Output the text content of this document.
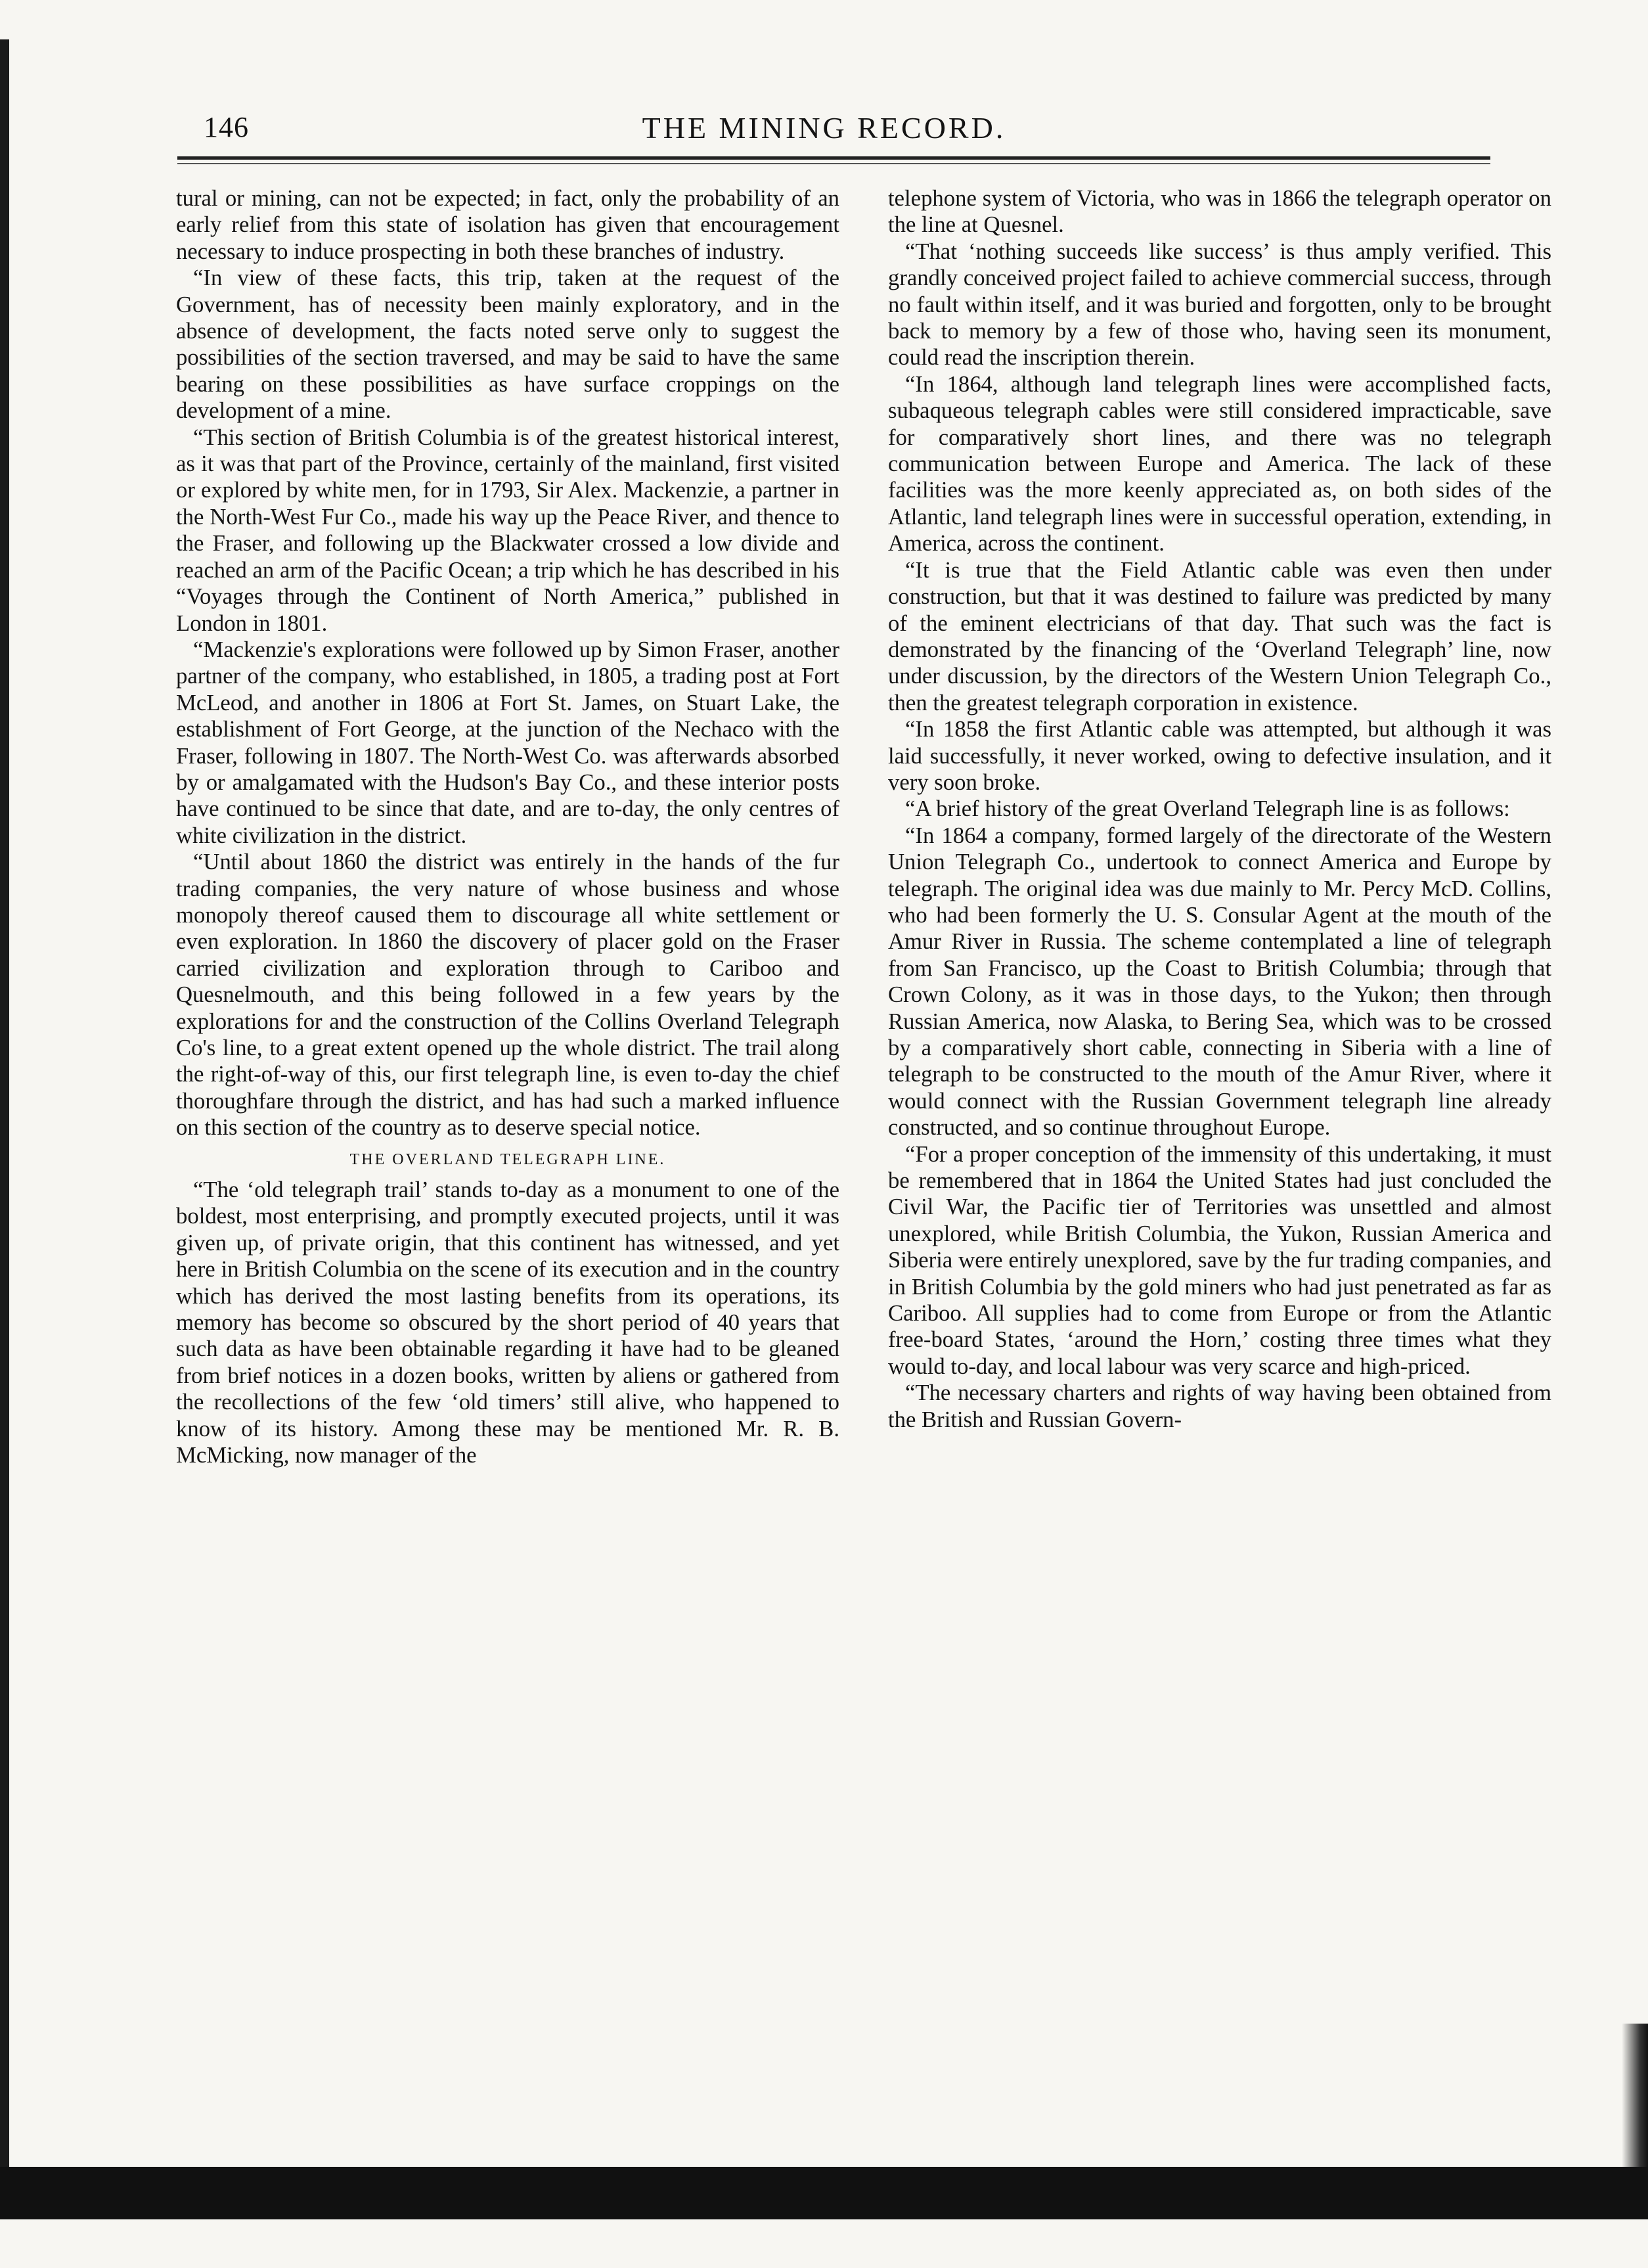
146	THE MINING RECORD.

tural or mining, can not be expected; in fact, only the probability of an early relief from this state of isolation has given that encouragement necessary to induce prospecting in both these branches of industry.

“In view of these facts, this trip, taken at the request of the Government, has of necessity been mainly exploratory, and in the absence of development, the facts noted serve only to suggest the possibilities of the section traversed, and may be said to have the same bearing on these possibilities as have surface croppings on the development of a mine.

“This section of British Columbia is of the greatest historical interest, as it was that part of the Province, certainly of the mainland, first visited or explored by white men, for in 1793, Sir Alex. Mackenzie, a partner in the North-West Fur Co., made his way up the Peace River, and thence to the Fraser, and following up the Blackwater crossed a low divide and reached an arm of the Pacific Ocean; a trip which he has described in his “Voyages through the Continent of North America,” published in London in 1801.

“Mackenzie's explorations were followed up by Simon Fraser, another partner of the company, who established, in 1805, a trading post at Fort McLeod, and another in 1806 at Fort St. James, on Stuart Lake, the establishment of Fort George, at the junction of the Nechaco with the Fraser, following in 1807. The North-West Co. was afterwards absorbed by or amalgamated with the Hudson's Bay Co., and these interior posts have continued to be since that date, and are to-day, the only centres of white civilization in the district.

“Until about 1860 the district was entirely in the hands of the fur trading companies, the very nature of whose business and whose monopoly thereof caused them to discourage all white settlement or even exploration. In 1860 the discovery of placer gold on the Fraser carried civilization and exploration through to Cariboo and Quesnelmouth, and this being followed in a few years by the explorations for and the construction of the Collins Overland Telegraph Co's line, to a great extent opened up the whole district. The trail along the right-of-way of this, our first telegraph line, is even to-day the chief thoroughfare through the district, and has had such a marked influence on this section of the country as to deserve special notice.

THE OVERLAND TELEGRAPH LINE.

“The ‘old telegraph trail’ stands to-day as a monument to one of the boldest, most enterprising, and promptly executed projects, until it was given up, of private origin, that this continent has witnessed, and yet here in British Columbia on the scene of its execution and in the country which has derived the most lasting benefits from its operations, its memory has become so obscured by the short period of 40 years that such data as have been obtainable regarding it have had to be gleaned from brief notices in a dozen books, written by aliens or gathered from the recollections of the few ‘old timers’ still alive, who happened to know of its history. Among these may be mentioned Mr. R. B. McMicking, now manager of the

telephone system of Victoria, who was in 1866 the telegraph operator on the line at Quesnel.

“That ‘nothing succeeds like success’ is thus amply verified. This grandly conceived project failed to achieve commercial success, through no fault within itself, and it was buried and forgotten, only to be brought back to memory by a few of those who, having seen its monument, could read the inscription therein.

“In 1864, although land telegraph lines were accomplished facts, subaqueous telegraph cables were still considered impracticable, save for comparatively short lines, and there was no telegraph communication between Europe and America. The lack of these facilities was the more keenly appreciated as, on both sides of the Atlantic, land telegraph lines were in successful operation, extending, in America, across the continent.

“It is true that the Field Atlantic cable was even then under construction, but that it was destined to failure was predicted by many of the eminent electricians of that day. That such was the fact is demonstrated by the financing of the ‘Overland Telegraph’ line, now under discussion, by the directors of the Western Union Telegraph Co., then the greatest telegraph corporation in existence.

“In 1858 the first Atlantic cable was attempted, but although it was laid successfully, it never worked, owing to defective insulation, and it very soon broke.

“A brief history of the great Overland Telegraph line is as follows:

“In 1864 a company, formed largely of the directorate of the Western Union Telegraph Co., undertook to connect America and Europe by telegraph. The original idea was due mainly to Mr. Percy McD. Collins, who had been formerly the U. S. Consular Agent at the mouth of the Amur River in Russia. The scheme contemplated a line of telegraph from San Francisco, up the Coast to British Columbia; through that Crown Colony, as it was in those days, to the Yukon; then through Russian America, now Alaska, to Bering Sea, which was to be crossed by a comparatively short cable, connecting in Siberia with a line of telegraph to be constructed to the mouth of the Amur River, where it would connect with the Russian Government telegraph line already constructed, and so continue throughout Europe.

“For a proper conception of the immensity of this undertaking, it must be remembered that in 1864 the United States had just concluded the Civil War, the Pacific tier of Territories was unsettled and almost unexplored, while British Columbia, the Yukon, Russian America and Siberia were entirely unexplored, save by the fur trading companies, and in British Columbia by the gold miners who had just penetrated as far as Cariboo. All supplies had to come from Europe or from the Atlantic free-board States, ‘around the Horn,’ costing three times what they would to-day, and local labour was very scarce and high-priced.

“The necessary charters and rights of way having been obtained from the British and Russian Govern-
